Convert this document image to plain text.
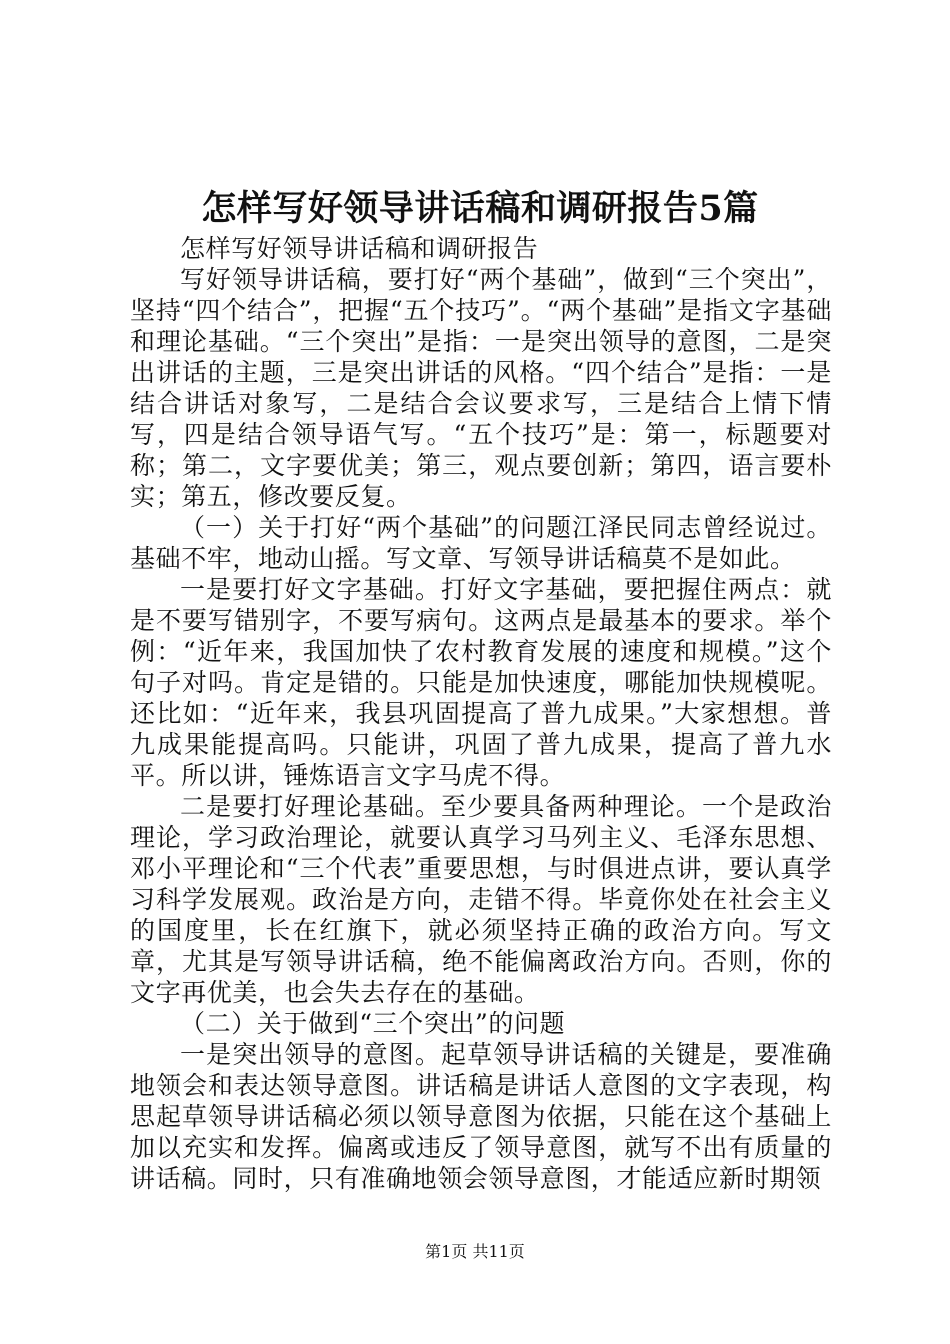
怎样写好领导讲话稿和调研报告5篇

怎样写好领导讲话稿和调研报告

写好领导讲话稿，要打好“两个基础”，做到“三个突出”，坚持“四个结合”，把握“五个技巧”。“两个基础”是指文字基础和理论基础。“三个突出”是指：一是突出领导的意图，二是突出讲话的主题，三是突出讲话的风格。“四个结合”是指：一是结合讲话对象写，二是结合会议要求写，三是结合上情下情写，四是结合领导语气写。“五个技巧”是：第一，标题要对称；第二，文字要优美；第三，观点要创新；第四，语言要朴实；第五，修改要反复。

（一）关于打好“两个基础”的问题江泽民同志曾经说过。基础不牢，地动山摇。写文章、写领导讲话稿莫不是如此。

一是要打好文字基础。打好文字基础，要把握住两点：就是不要写错别字，不要写病句。这两点是最基本的要求。举个例：“近年来，我国加快了农村教育发展的速度和规模。”这个句子对吗。肯定是错的。只能是加快速度，哪能加快规模呢。还比如：“近年来，我县巩固提高了普九成果。”大家想想。普九成果能提高吗。只能讲，巩固了普九成果，提高了普九水平。所以讲，锤炼语言文字马虎不得。

二是要打好理论基础。至少要具备两种理论。一个是政治理论，学习政治理论，就要认真学习马列主义、毛泽东思想、邓小平理论和“三个代表”重要思想，与时俱进点讲，要认真学习科学发展观。政治是方向，走错不得。毕竟你处在社会主义的国度里，长在红旗下，就必须坚持正确的政治方向。写文章，尤其是写领导讲话稿，绝不能偏离政治方向。否则，你的文字再优美，也会失去存在的基础。

（二）关于做到“三个突出”的问题

一是突出领导的意图。起草领导讲话稿的关键是，要准确地领会和表达领导意图。讲话稿是讲话人意图的文字表现，构思起草领导讲话稿必须以领导意图为依据，只能在这个基础上加以充实和发挥。偏离或违反了领导意图，就写不出有质量的讲话稿。同时，只有准确地领会领导意图，才能适应新时期领

第1页 共11页
